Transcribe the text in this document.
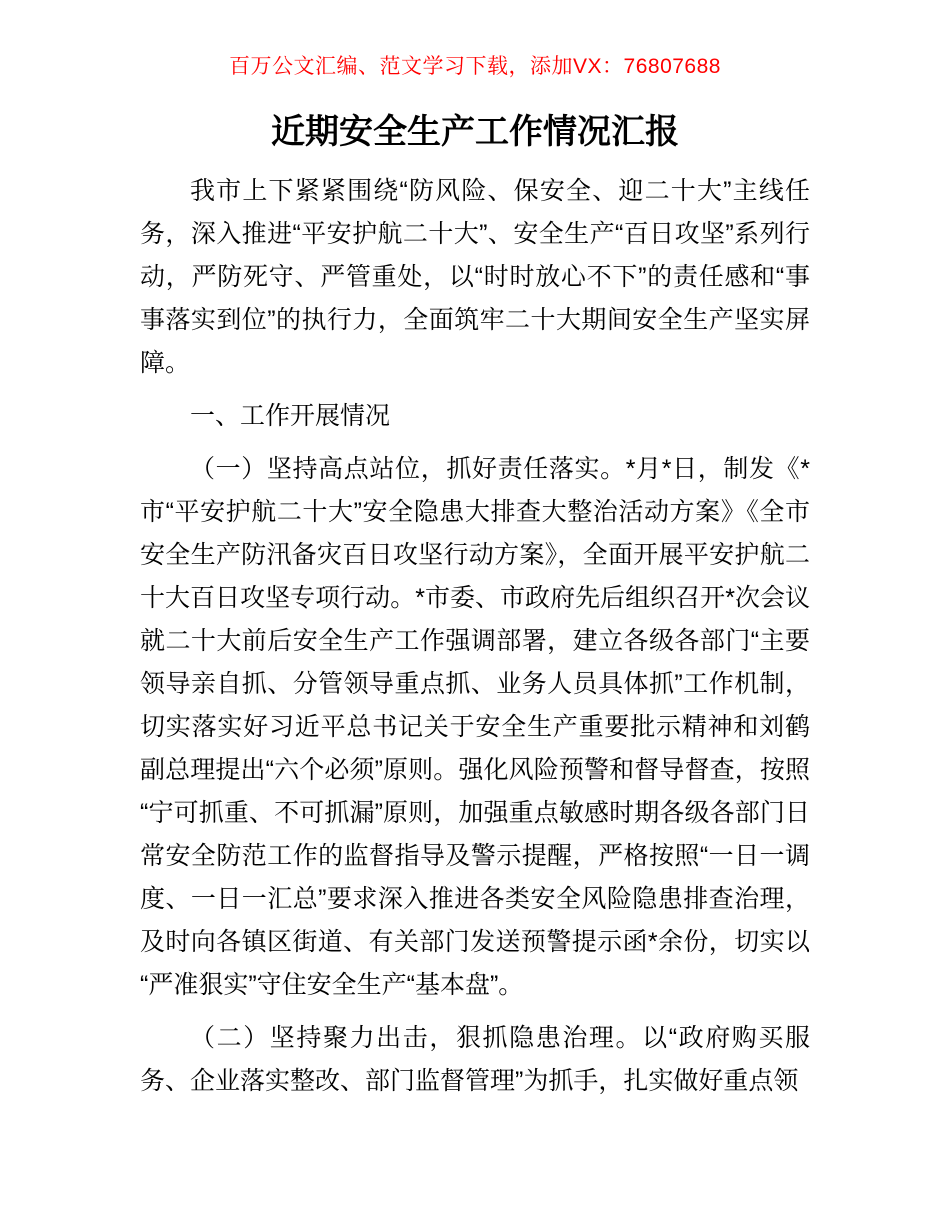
百万公文汇编、范文学习下载，添加VX：76807688
近期安全生产工作情况汇报

我市上下紧紧围绕“防风险、保安全、迎二十大”主线任务，深入推进“平安护航二十大”、安全生产“百日攻坚”系列行动，严防死守、严管重处，以“时时放心不下”的责任感和“事事落实到位”的执行力，全面筑牢二十大期间安全生产坚实屏障。

一、工作开展情况

（一）坚持高点站位，抓好责任落实。*月*日，制发《*市“平安护航二十大”安全隐患大排查大整治活动方案》《全市安全生产防汛备灾百日攻坚行动方案》，全面开展平安护航二十大百日攻坚专项行动。*市委、市政府先后组织召开*次会议就二十大前后安全生产工作强调部署，建立各级各部门“主要领导亲自抓、分管领导重点抓、业务人员具体抓”工作机制，切实落实好习近平总书记关于安全生产重要批示精神和刘鹤副总理提出“六个必须”原则。强化风险预警和督导督查，按照“宁可抓重、不可抓漏”原则，加强重点敏感时期各级各部门日常安全防范工作的监督指导及警示提醒，严格按照“一日一调度、一日一汇总”要求深入推进各类安全风险隐患排查治理，及时向各镇区街道、有关部门发送预警提示函*余份，切实以“严准狠实”守住安全生产“基本盘”。

（二）坚持聚力出击，狠抓隐患治理。以“政府购买服务、企业落实整改、部门监督管理”为抓手，扎实做好重点领
